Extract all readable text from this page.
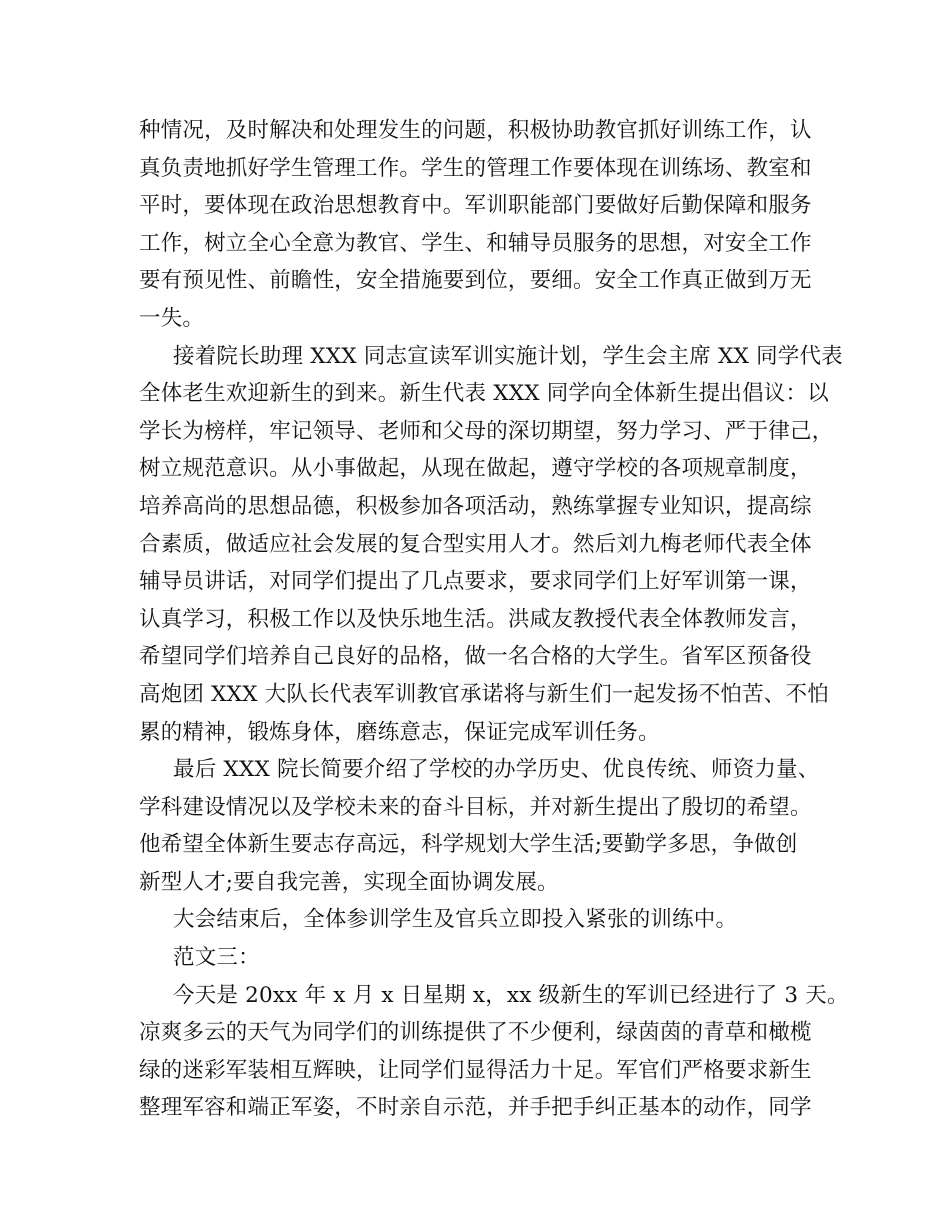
种情况，及时解决和处理发生的问题，积极协助教官抓好训练工作，认
真负责地抓好学生管理工作。学生的管理工作要体现在训练场、教室和
平时，要体现在政治思想教育中。军训职能部门要做好后勤保障和服务
工作，树立全心全意为教官、学生、和辅导员服务的思想，对安全工作
要有预见性、前瞻性，安全措施要到位，要细。安全工作真正做到万无
一失。
接着院长助理 XXX 同志宣读军训实施计划，学生会主席 XX 同学代表
全体老生欢迎新生的到来。新生代表 XXX 同学向全体新生提出倡议：以
学长为榜样，牢记领导、老师和父母的深切期望，努力学习、严于律己，
树立规范意识。从小事做起，从现在做起，遵守学校的各项规章制度，
培养高尚的思想品德，积极参加各项活动，熟练掌握专业知识，提高综
合素质，做适应社会发展的复合型实用人才。然后刘九梅老师代表全体
辅导员讲话，对同学们提出了几点要求，要求同学们上好军训第一课，
认真学习，积极工作以及快乐地生活。洪咸友教授代表全体教师发言，
希望同学们培养自己良好的品格，做一名合格的大学生。省军区预备役
高炮团 XXX 大队长代表军训教官承诺将与新生们一起发扬不怕苦、不怕
累的精神，锻炼身体，磨练意志，保证完成军训任务。
最后 XXX 院长简要介绍了学校的办学历史、优良传统、师资力量、
学科建设情况以及学校未来的奋斗目标，并对新生提出了殷切的希望。
他希望全体新生要志存高远，科学规划大学生活;要勤学多思，争做创
新型人才;要自我完善，实现全面协调发展。
大会结束后，全体参训学生及官兵立即投入紧张的训练中。
范文三：
今天是 20xx 年 x 月 x 日星期 x，xx 级新生的军训已经进行了 3 天。
凉爽多云的天气为同学们的训练提供了不少便利，绿茵茵的青草和橄榄
绿的迷彩军装相互辉映，让同学们显得活力十足。军官们严格要求新生
整理军容和端正军姿，不时亲自示范，并手把手纠正基本的动作，同学
